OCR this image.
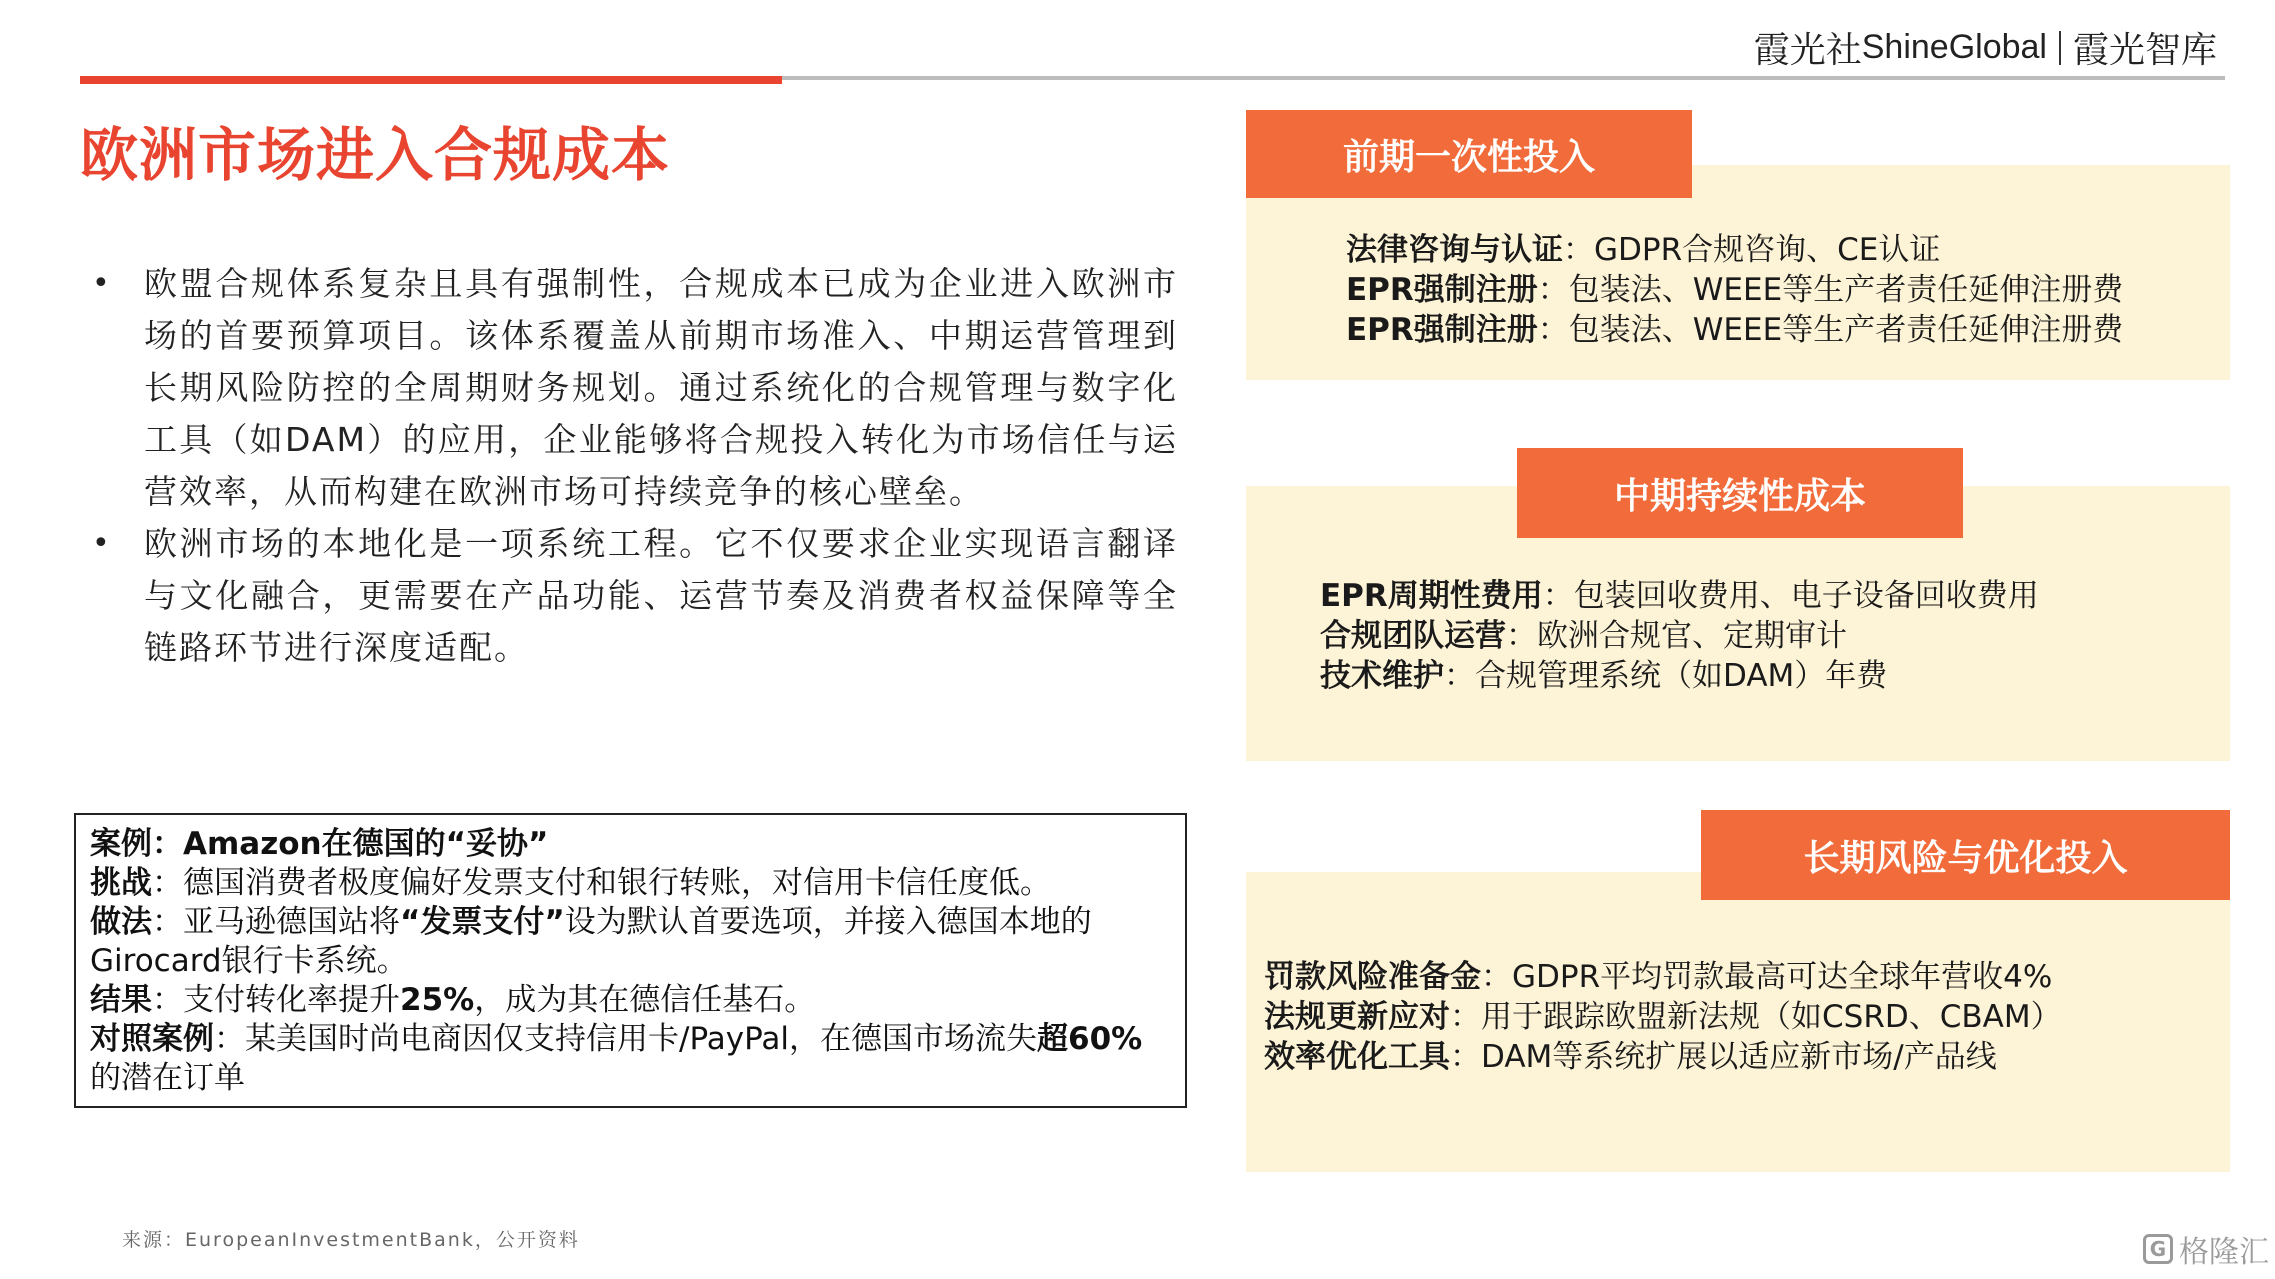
霞光社 ShineGlobal 霞光智库
欧洲市场进入合规成本
• 欧盟合规体系复杂且具有强制性，合规成本已成为企业进入欧洲市场的首要预算项目。该体系覆盖从前期市场准入、中期运营管理到长期风险防控的全周期财务规划。通过系统化的合规管理与数字化工具（如DAM）的应用，企业能够将合规投入转化为市场信任与运营效率，从而构建在欧洲市场可持续竞争的核心壁垒。
• 欧洲市场的本地化是一项系统工程。它不仅要求企业实现语言翻译与文化融合，更需要在产品功能、运营节奏及消费者权益保障等全链路环节进行深度适配。
案例：Amazon在德国的“妥协”
挑战：德国消费者极度偏好发票支付和银行转账，对信用卡信任度低。
做法：亚马逊德国站将“发票支付”设为默认首要选项，并接入德国本地的Girocard银行卡系统。
结果：支付转化率提升25%，成为其在德信任基石。
对照案例：某美国时尚电商因仅支持信用卡/PayPal，在德国市场流失超60%的潜在订单
前期一次性投入
法律咨询与认证：GDPR合规咨询、CE认证
EPR强制注册：包装法、WEEE等生产者责任延伸注册费
EPR强制注册：包装法、WEEE等生产者责任延伸注册费
中期持续性成本
EPR周期性费用：包装回收费用、电子设备回收费用
合规团队运营：欧洲合规官、定期审计
技术维护：合规管理系统（如DAM）年费
长期风险与优化投入
罚款风险准备金：GDPR平均罚款最高可达全球年营收4%
法规更新应对：用于跟踪欧盟新法规（如CSRD、CBAM）
效率优化工具：DAM等系统扩展以适应新市场/产品线
来源：EuropeanInvestmentBank，公开资料	G 格隆汇
